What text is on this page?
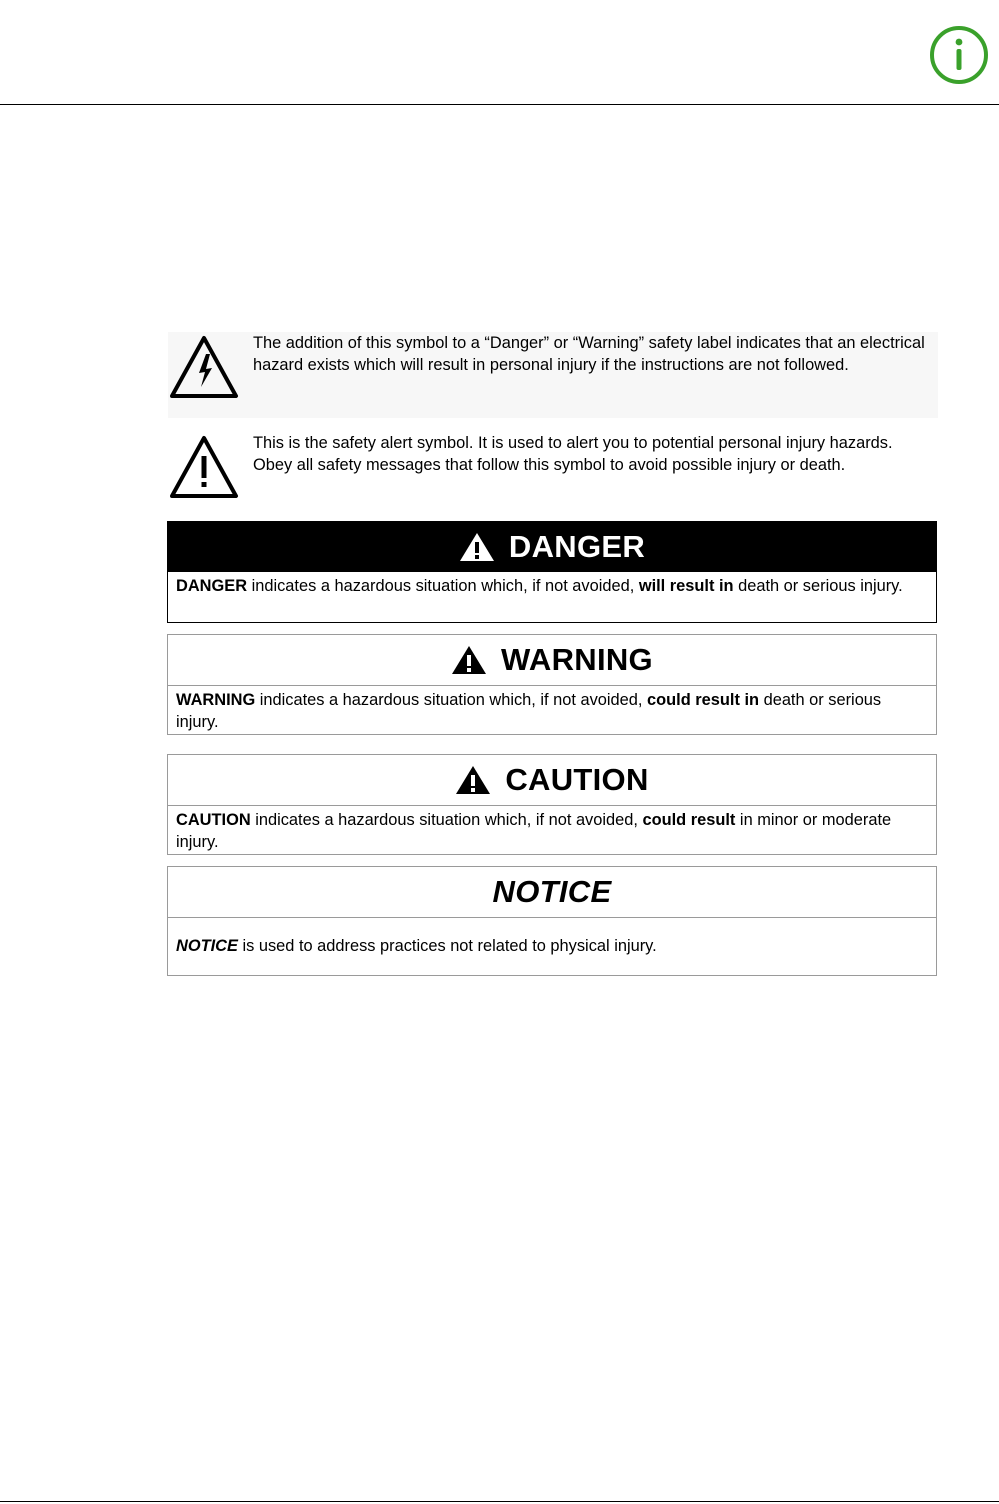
The addition of this symbol to a “Danger” or “Warning” safety label indicates that an electrical hazard exists which will result in personal injury if the instructions are not followed.
This is the safety alert symbol. It is used to alert you to potential personal injury hazards. Obey all safety messages that follow this symbol to avoid possible injury or death.
DANGER
DANGER indicates a hazardous situation which, if not avoided, will result in death or serious injury.
WARNING
WARNING indicates a hazardous situation which, if not avoided, could result in death or serious injury.
CAUTION
CAUTION indicates a hazardous situation which, if not avoided, could result in minor or moderate injury.
NOTICE
NOTICE is used to address practices not related to physical injury.
